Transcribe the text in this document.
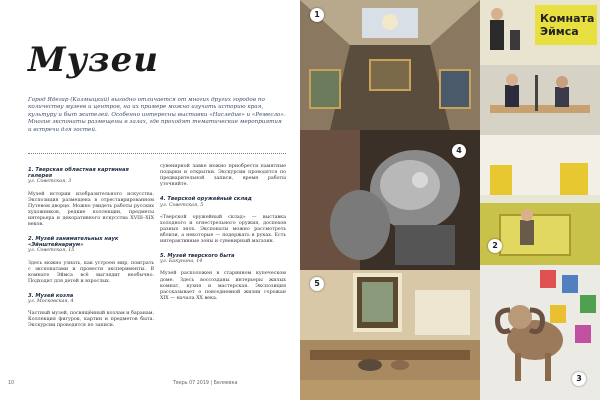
Музеи
Город Ядегар (Калмыцкий) выгодно отличается от многих других городов по количеству музеев и центров, на их примере можно изучать историю края, культуру и быт жителей. Особенно интересны выставки «Наследие» и «Ремесло». Многие экспонаты размещены в залах, где проходят тематические мероприятия и встречи для гостей.
1. Тверская областная картинная галерея
ул. Советская, 3
Музей истории изобразительного искусства. Экспозиция размещена в отреставрированном Путевом дворце. Можно увидеть работы русских художников, редкие коллекции, предметы интерьера и декоративного искусства XVIII–XIX веков.
2. Музей занимательных наук «Эйнштейнариум»
ул. Советская, 15
Здесь можно узнать, как устроен мир, поиграть с экспонатами и провести эксперименты. В комнате Эймса всё выглядит необычно. Подходит для детей и взрослых.
3. Музей козла
ул. Московская, 4
Частный музей, посвящённый козлам и баранам. Коллекция фигурок, картин и предметов быта. Экскурсии проводятся по записи.
сувенирной лавке можно приобрести памятные подарки и открытки. Экскурсии проводятся по предварительной записи, время работы уточняйте.
4. Тверской оружейный склад
ул. Советская, 5
«Тверской оружейный склад» — выставка холодного и огнестрельного оружия, доспехов разных эпох. Экспонаты можно рассмотреть вблизи, а некоторые — подержать в руках. Есть интерактивные зоны и сувенирный магазин.
5. Музей тверского быта
ул. Бакунина, 14
Музей расположен в старинном купеческом доме. Здесь воссозданы интерьеры жилых комнат, кухня и мастерская. Экспозиция рассказывает о повседневной жизни горожан XIX — начала XX века.
10	Тверь 07 2019 | Беляевка
1
4
2
5
3
Комната
Эймса
